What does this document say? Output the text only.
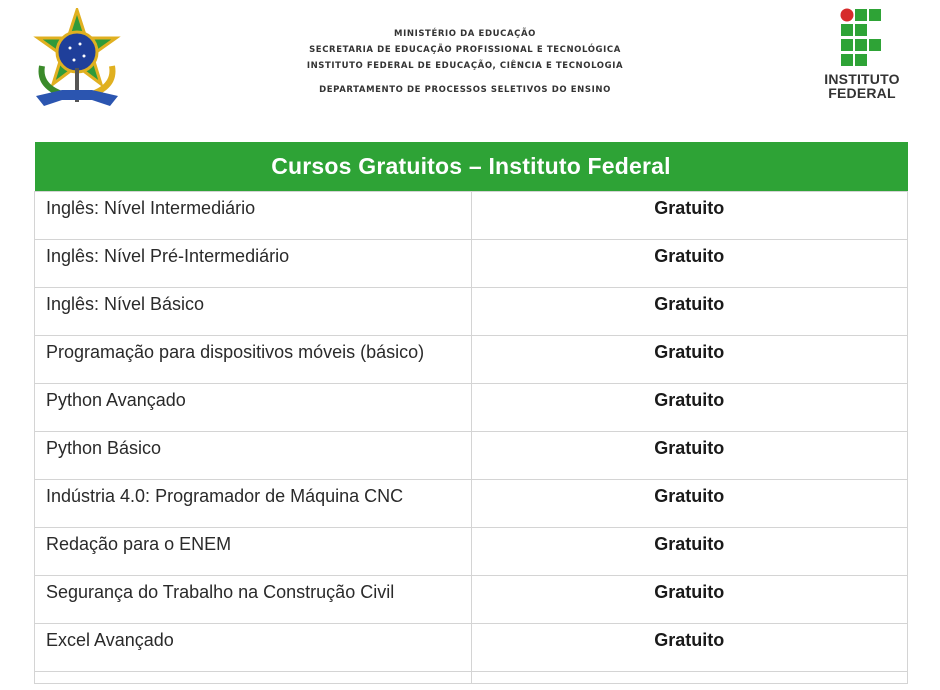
MINISTÉRIO DA EDUCAÇÃO
SECRETARIA DE EDUCAÇÃO PROFISSIONAL E TECNOLÓGICA
INSTITUTO FEDERAL DE EDUCAÇÃO, CIÊNCIA E TECNOLOGIA
DEPARTAMENTO DE PROCESSOS SELETIVOS DO ENSINO
INSTITUTO
FEDERAL
Cursos Gratuitos – Instituto Federal	
Inglês: Nível Intermediário	Gratuito
Inglês: Nível Pré-Intermediário	Gratuito
Inglês: Nível Básico	Gratuito
Programação para dispositivos móveis (básico)	Gratuito
Python Avançado	Gratuito
Python Básico	Gratuito
Indústria 4.0: Programador de Máquina CNC	Gratuito
Redação para o ENEM	Gratuito
Segurança do Trabalho na Construção Civil	Gratuito
Excel Avançado	Gratuito
